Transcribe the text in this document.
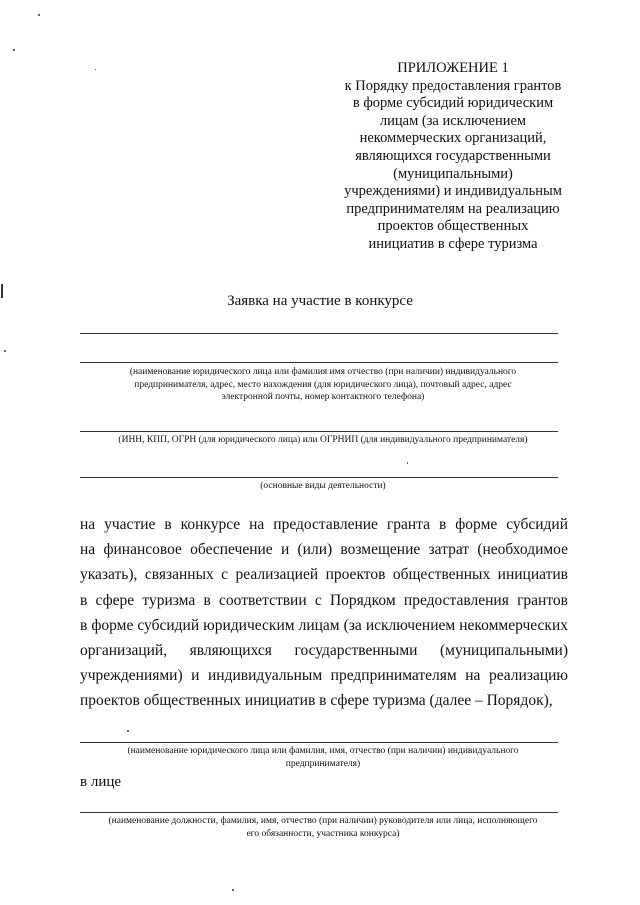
ПРИЛОЖЕНИЕ 1
к Порядку предоставления грантов
в форме субсидий юридическим
лицам (за исключением
некоммерческих организаций,
являющихся государственными
(муниципальными)
учреждениями) и индивидуальным
предпринимателям на реализацию
проектов общественных
инициатив в сфере туризма
Заявка на участие в конкурсе
(наименование юридического лица или фамилия имя отчество (при наличии) индивидуального
предпринимателя, адрес, место нахождения (для юридического лица), почтовый адрес, адрес
электронной почты, номер контактного телефона)
(ИНН, КПП, ОГРН (для юридического лица) или ОГРНИП (для индивидуального предпринимателя)
(основные виды деятельности)
на участие в конкурсе на предоставление гранта в форме субсидий
на финансовое обеспечение и (или) возмещение затрат (необходимое
указать), связанных с реализацией проектов общественных инициатив
в сфере туризма в соответствии с Порядком предоставления грантов
в форме субсидий юридическим лицам (за исключением некоммерческих
организаций, являющихся государственными (муниципальными)
учреждениями) и индивидуальным предпринимателям на реализацию
проектов общественных инициатив в сфере туризма (далее – Порядок),
(наименование юридического лица или фамилия, имя, отчество (при наличии) индивидуального
предпринимателя)
в лице
(наименование должности, фамилия, имя, отчество (при наличии) руководителя или лица, исполняющего
его обязанности, участника конкурса)
